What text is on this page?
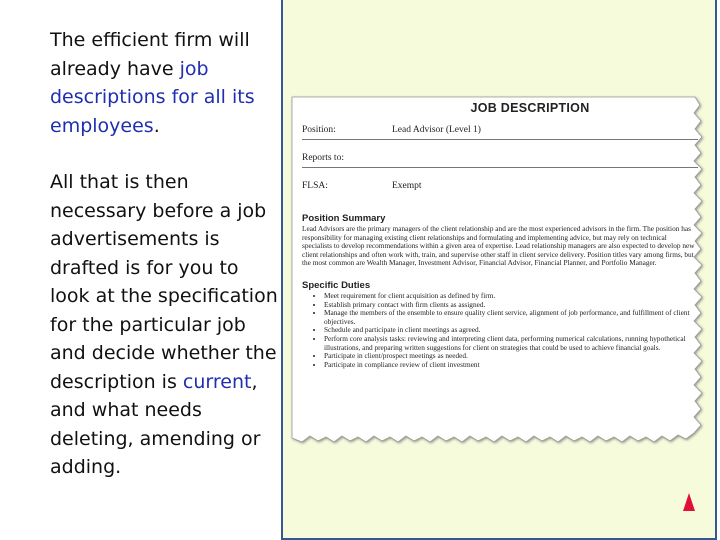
The efficient firm will already have job descriptions for all its employees.

All that is then necessary before a job advertisements is drafted is for you to look at the specification for the particular job and decide whether the description is current, and what needs deleting, amending or adding.

JOB DESCRIPTION
Position:	Lead Advisor (Level 1)
Reports to:
FLSA:	Exempt
Position Summary

Lead Advisors are the primary managers of the client relationship and are the most experienced advisors in the firm. The position has responsibility for managing existing client relationships and formulating and implementing advice, but may rely on technical specialists to develop recommendations within a given area of expertise. Lead relationship managers are also expected to develop new client relationships and often work with, train, and supervise other staff in client service delivery. Position titles vary among firms, but the most common are Wealth Manager, Investment Advisor, Financial Advisor, Financial Planner, and Portfolio Manager.

Specific Duties
• Meet requirement for client acquisition as defined by firm.
• Establish primary contact with firm clients as assigned.
• Manage the members of the ensemble to ensure quality client service, alignment of job performance, and fulfillment of client objectives.
• Schedule and participate in client meetings as agreed.
• Perform core analysis tasks: reviewing and interpreting client data, performing numerical calculations, running hypothetical illustrations, and preparing written suggestions for client on strategies that could be used to achieve financial goals.
• Participate in client/prospect meetings as needed.
• Participate in compliance review of client investment
